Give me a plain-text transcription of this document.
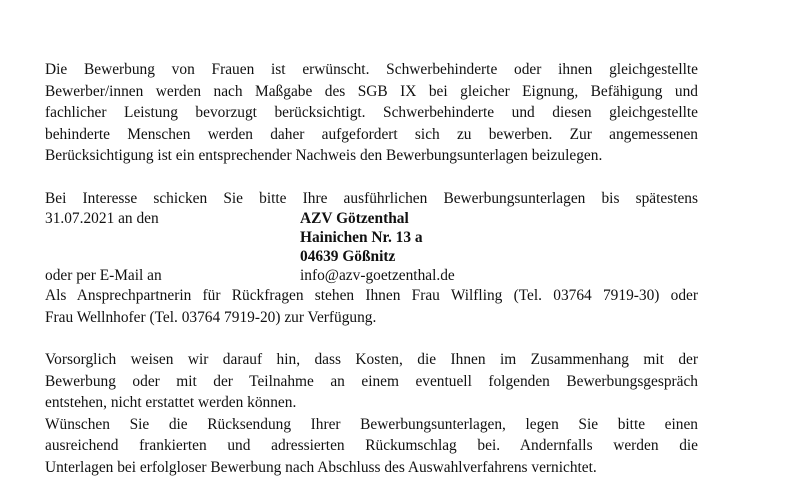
Die Bewerbung von Frauen ist erwünscht. Schwerbehinderte oder ihnen gleichgestellte
Bewerber/innen werden nach Maßgabe des SGB IX bei gleicher Eignung, Befähigung und
fachlicher Leistung bevorzugt berücksichtigt. Schwerbehinderte und diesen gleichgestellte
behinderte Menschen werden daher aufgefordert sich zu bewerben. Zur angemessenen
Berücksichtigung ist ein entsprechender Nachweis den Bewerbungsunterlagen beizulegen.

Bei Interesse schicken Sie bitte Ihre ausführlichen Bewerbungsunterlagen bis spätestens

31.07.2021 an den	AZV Götzenthal
Hainichen Nr. 13 a
04639 Gößnitz
oder per E-Mail an	info@azv-goetzenthal.de

Als Ansprechpartnerin für Rückfragen stehen Ihnen Frau Wilfling (Tel. 03764 7919-30) oder
Frau Wellnhofer (Tel. 03764 7919-20) zur Verfügung.

Vorsorglich weisen wir darauf hin, dass Kosten, die Ihnen im Zusammenhang mit der
Bewerbung oder mit der Teilnahme an einem eventuell folgenden Bewerbungsgespräch
entstehen, nicht erstattet werden können.

Wünschen Sie die Rücksendung Ihrer Bewerbungsunterlagen, legen Sie bitte einen
ausreichend frankierten und adressierten Rückumschlag bei. Andernfalls werden die
Unterlagen bei erfolgloser Bewerbung nach Abschluss des Auswahlverfahrens vernichtet.
